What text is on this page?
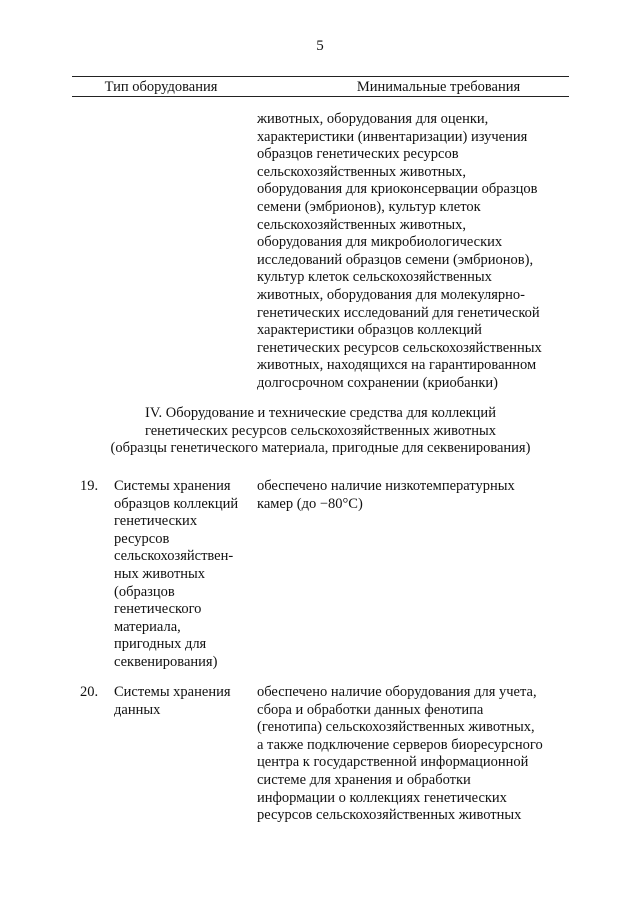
5
Тип оборудования	Минимальные требования
животных, оборудования для оценки,
характеристики (инвентаризации) изучения
образцов генетических ресурсов
сельскохозяйственных животных,
оборудования для криоконсервации образцов
семени (эмбрионов), культур клеток
сельскохозяйственных животных,
оборудования для микробиологических
исследований образцов семени (эмбрионов),
культур клеток сельскохозяйственных
животных, оборудования для молекулярно-
генетических исследований для генетической
характеристики образцов коллекций
генетических ресурсов сельскохозяйственных
животных, находящихся на гарантированном
долгосрочном сохранении (криобанки)
IV. Оборудование и технические средства для коллекций
генетических ресурсов сельскохозяйственных животных
(образцы генетического материала, пригодные для секвенирования)
19. Системы хранения
образцов коллекций
генетических
ресурсов
сельскохозяйствен-
ных животных
(образцов
генетического
материала,
пригодных для
секвенирования)
обеспечено наличие низкотемпературных
камер (до −80°С)
20. Системы хранения
данных
обеспечено наличие оборудования для учета,
сбора и обработки данных фенотипа
(генотипа) сельскохозяйственных животных,
а также подключение серверов биоресурсного
центра к государственной информационной
системе для хранения и обработки
информации о коллекциях генетических
ресурсов сельскохозяйственных животных
